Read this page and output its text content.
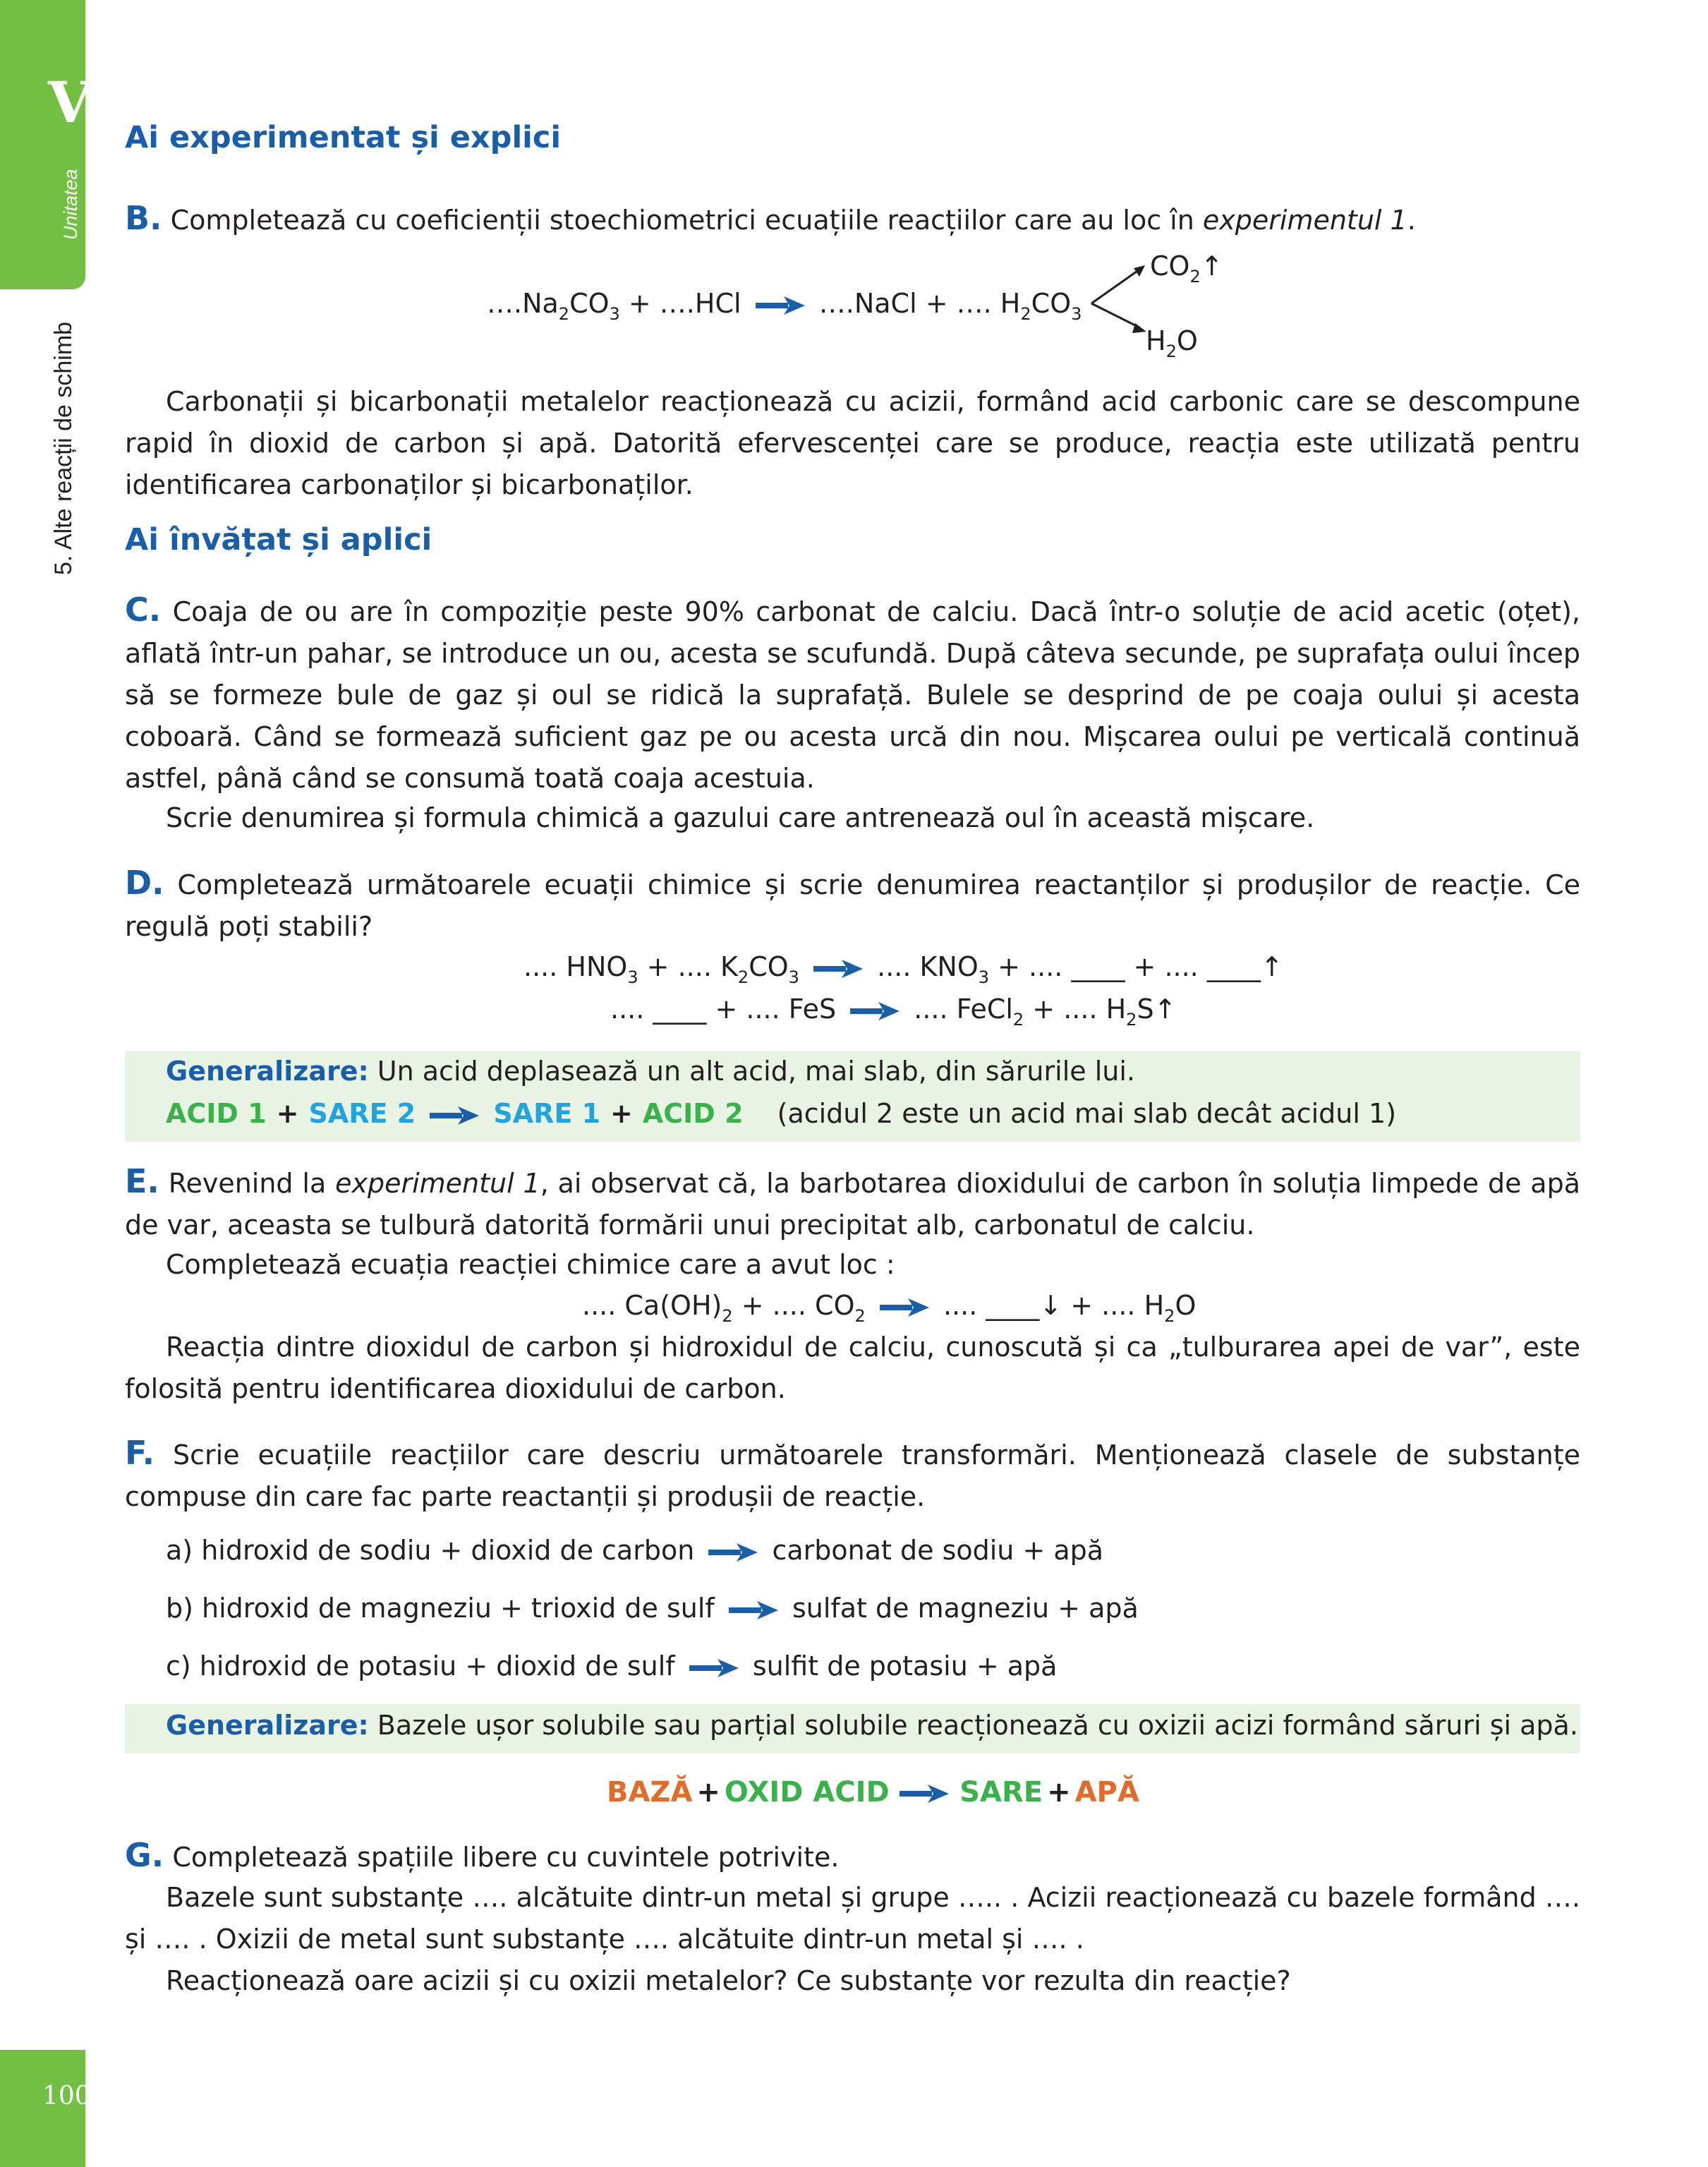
VI
Unitatea
5. Alte reacții de schimb
100
Ai experimentat și explici

B. Completează cu coeficienții stoechiometrici ecuațiile reacțiilor care au loc în experimentul 1.

$\dots.Na_2CO_3$ + ….HCl	….NaCl + …. $H_2CO_3$
$CO_2↑$
$H_2O$

Carbonații și bicarbonații metalelor reacționează cu acizii, formând acid carbonic care se descompune rapid în dioxid de carbon și apă. Datorită efervescenței care se produce, reacția este utilizată pentru identificarea carbonaților și bicarbonaților.

Ai învățat și aplici

C. Coaja de ou are în compoziție peste 90% carbonat de calciu. Dacă într-o soluție de acid acetic (oțet), aflată într-un pahar, se introduce un ou, acesta se scufundă. După câteva secunde, pe suprafața oului încep să se formeze bule de gaz și oul se ridică la suprafață. Bulele se desprind de pe coaja oului și acesta coboară. Când se formează suficient gaz pe ou acesta urcă din nou. Mișcarea oului pe verticală continuă astfel, până când se consumă toată coaja acestuia.

Scrie denumirea și formula chimică a gazului care antrenează oul în această mișcare.

D. Completează următoarele ecuații chimice și scrie denumirea reactanților și produșilor de reacție. Ce regulă poți stabili?

.... $HNO_3$ + .... $K_2CO_3$	.... $KNO_3$ + .... ____ + .... ____↑
.... ____ + .... FeS	.... FeCl$_2$ + .... $H_2S↑$
Generalizare: Un acid deplasează un alt acid, mai slab, din sărurile lui.
ACID 1 + SARE 2	SARE 1 + ACID 2 (acidul 2 este un acid mai slab decât acidul 1)

E. Revenind la experimentul 1, ai observat că, la barbotarea dioxidului de carbon în soluția limpede de apă de var, aceasta se tulbură datorită formării unui precipitat alb, carbonatul de calciu.

Completează ecuația reacției chimice care a avut loc :

.... $Ca(OH)_2$ + .... $CO_2$	.... ____↓ + .... $H_2O$

Reacția dintre dioxidul de carbon și hidroxidul de calciu, cunoscută și ca „tulburarea apei de var”, este folosită pentru identificarea dioxidului de carbon.

F. Scrie ecuațiile reacțiilor care descriu următoarele transformări. Menționează clasele de substanțe compuse din care fac parte reactanții și produșii de reacție.

a) hidroxid de sodiu + dioxid de carbon	carbonat de sodiu + apă
b) hidroxid de magneziu + trioxid de sulf	sulfat de magneziu + apă
c) hidroxid de potasiu + dioxid de sulf	sulfit de potasiu + apă
Generalizare: Bazele ușor solubile sau parțial solubile reacționează cu oxizii acizi formând săruri și apă.
BAZĂ + OXID ACID SARE + APĂ

G. Completează spațiile libere cu cuvintele potrivite.

Bazele sunt substanțe …. alcătuite dintr-un metal și grupe ….. . Acizii reacționează cu bazele formând …. și …. . Oxizii de metal sunt substanțe …. alcătuite dintr-un metal și …. .

Reacționează oare acizii și cu oxizii metalelor? Ce substanțe vor rezulta din reacție?
